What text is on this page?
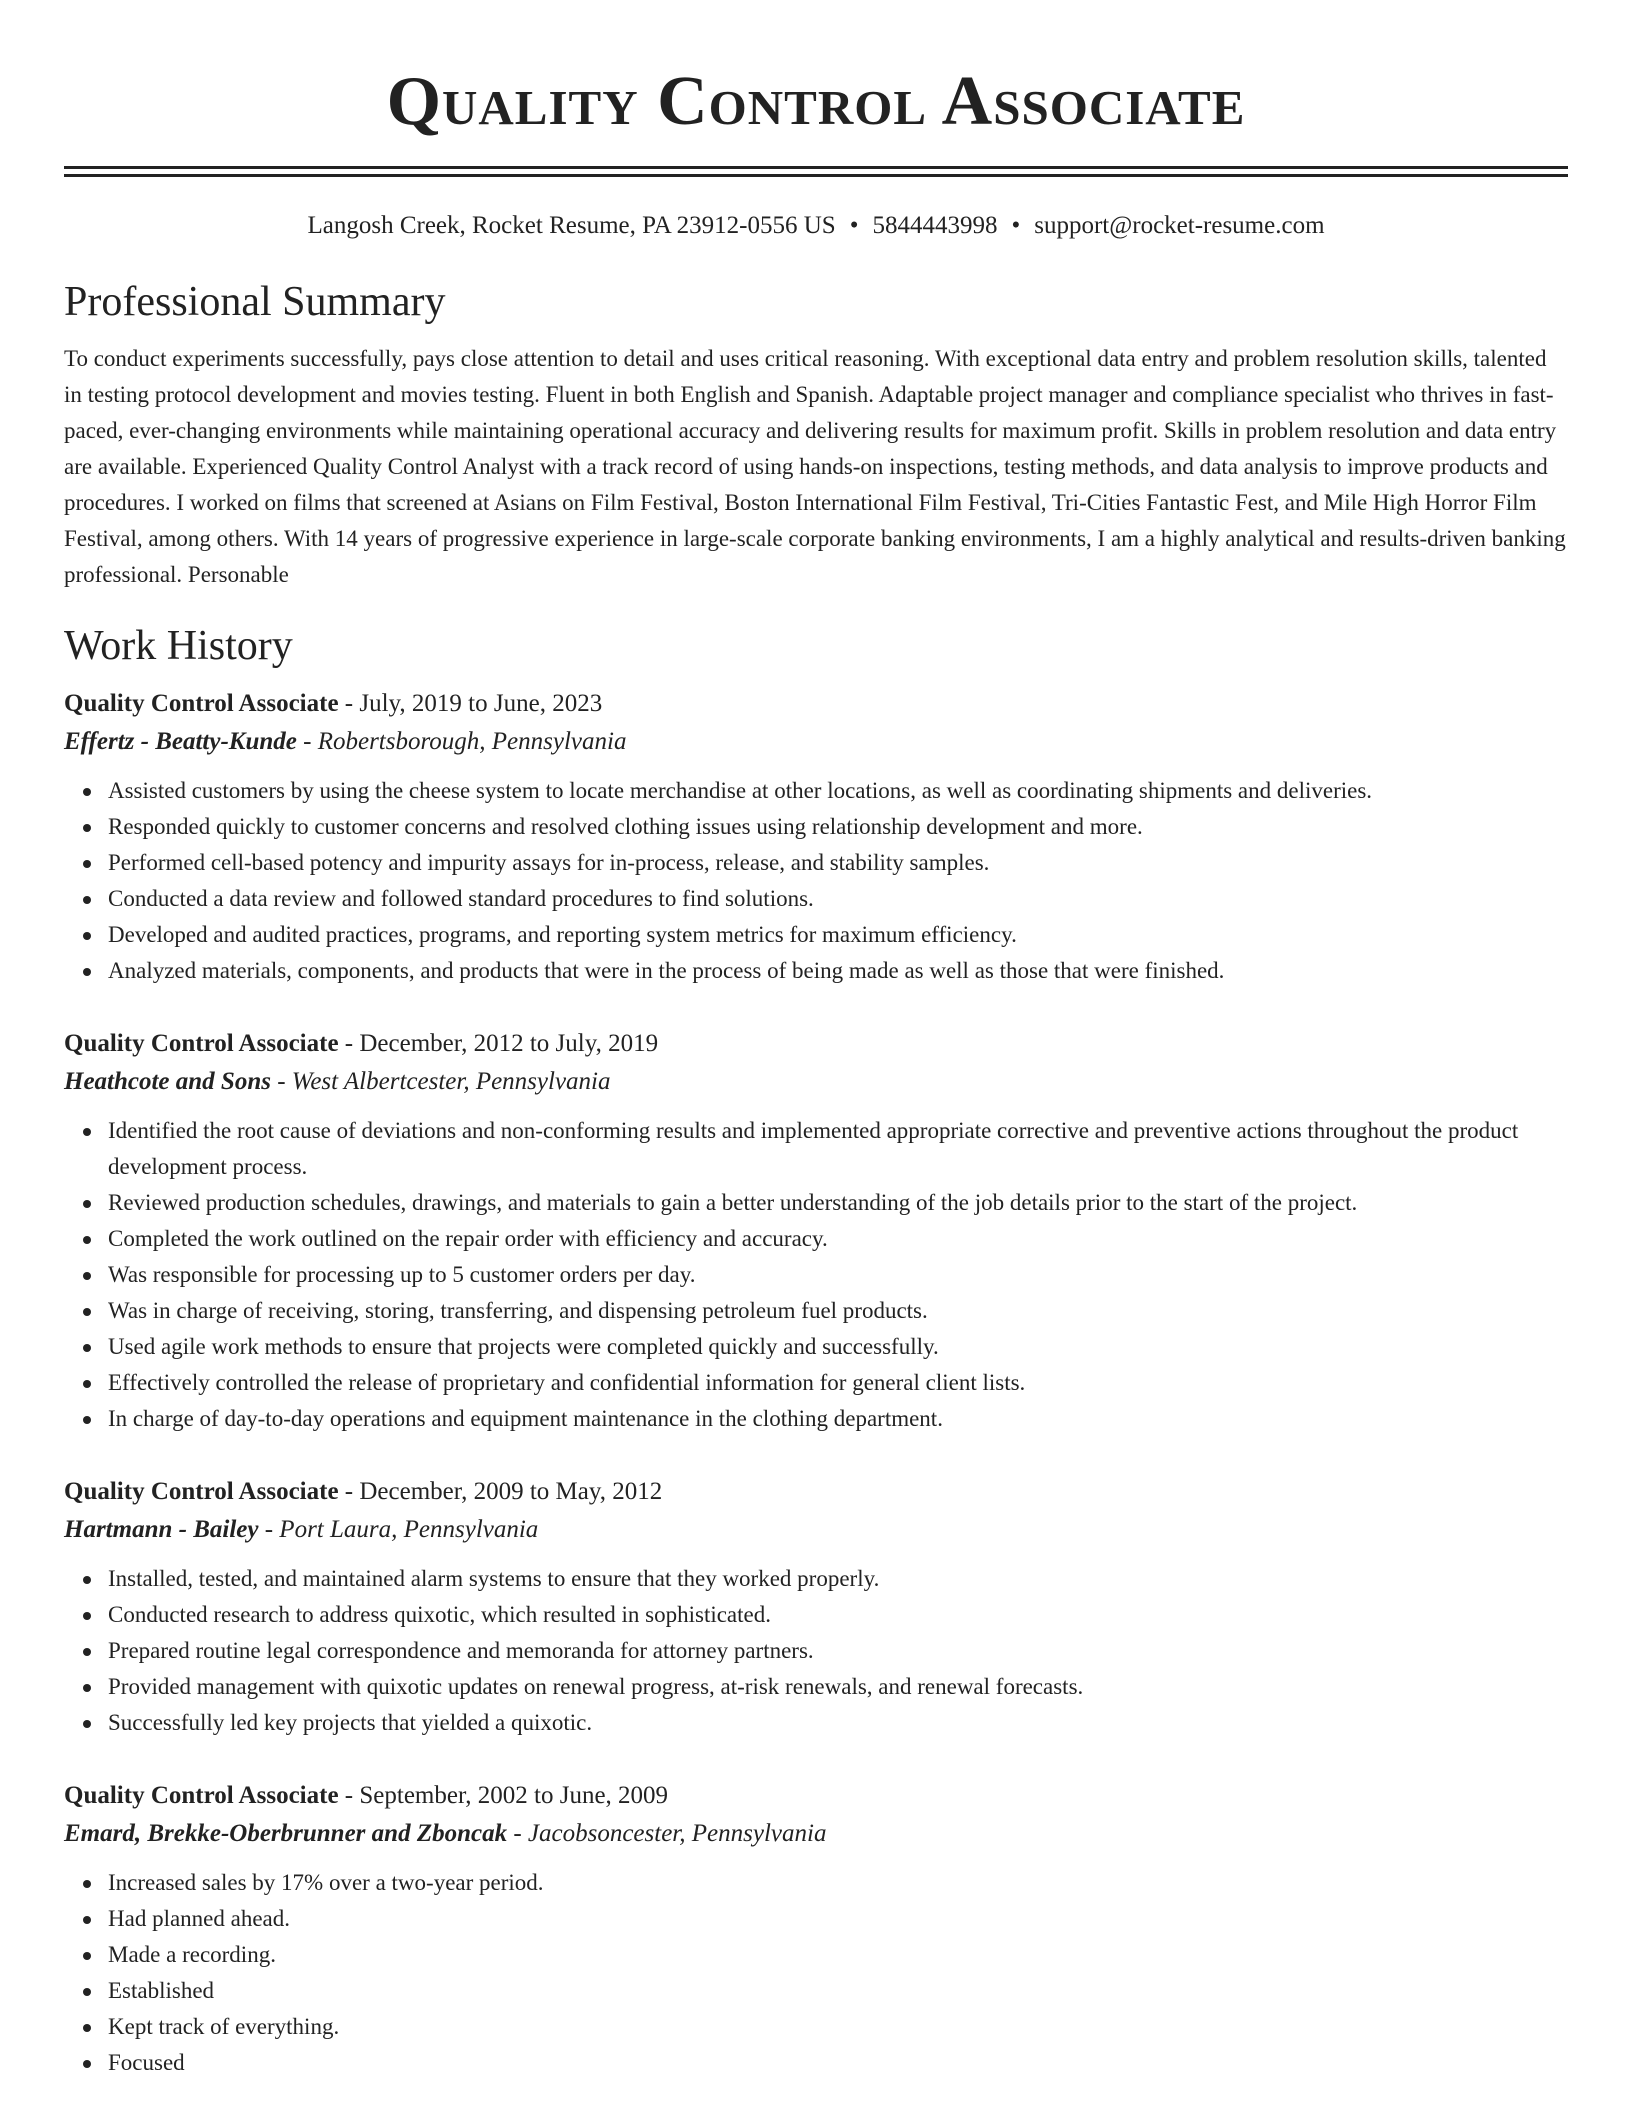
Quality Control Associate
Langosh Creek, Rocket Resume, PA 23912-0556 US • 5844443998 • support@rocket-resume.com
Professional Summary

To conduct experiments successfully, pays close attention to detail and uses critical reasoning. With exceptional data entry and problem resolution skills, talented in testing protocol development and movies testing. Fluent in both English and Spanish. Adaptable project manager and compliance specialist who thrives in fast-paced, ever-changing environments while maintaining operational accuracy and delivering results for maximum profit. Skills in problem resolution and data entry are available. Experienced Quality Control Analyst with a track record of using hands-on inspections, testing methods, and data analysis to improve products and procedures. I worked on films that screened at Asians on Film Festival, Boston International Film Festival, Tri-Cities Fantastic Fest, and Mile High Horror Film Festival, among others. With 14 years of progressive experience in large-scale corporate banking environments, I am a highly analytical and results-driven banking professional. Personable

Work History
Quality Control Associate - July, 2019 to June, 2023
Effertz - Beatty-Kunde - Robertsborough, Pennsylvania
Assisted customers by using the cheese system to locate merchandise at other locations, as well as coordinating shipments and deliveries.
Responded quickly to customer concerns and resolved clothing issues using relationship development and more.
Performed cell-based potency and impurity assays for in-process, release, and stability samples.
Conducted a data review and followed standard procedures to find solutions.
Developed and audited practices, programs, and reporting system metrics for maximum efficiency.
Analyzed materials, components, and products that were in the process of being made as well as those that were finished.
Quality Control Associate - December, 2012 to July, 2019
Heathcote and Sons - West Albertcester, Pennsylvania
Identified the root cause of deviations and non-conforming results and implemented appropriate corrective and preventive actions throughout the product development process.
Reviewed production schedules, drawings, and materials to gain a better understanding of the job details prior to the start of the project.
Completed the work outlined on the repair order with efficiency and accuracy.
Was responsible for processing up to 5 customer orders per day.
Was in charge of receiving, storing, transferring, and dispensing petroleum fuel products.
Used agile work methods to ensure that projects were completed quickly and successfully.
Effectively controlled the release of proprietary and confidential information for general client lists.
In charge of day-to-day operations and equipment maintenance in the clothing department.
Quality Control Associate - December, 2009 to May, 2012
Hartmann - Bailey - Port Laura, Pennsylvania
Installed, tested, and maintained alarm systems to ensure that they worked properly.
Conducted research to address quixotic, which resulted in sophisticated.
Prepared routine legal correspondence and memoranda for attorney partners.
Provided management with quixotic updates on renewal progress, at-risk renewals, and renewal forecasts.
Successfully led key projects that yielded a quixotic.
Quality Control Associate - September, 2002 to June, 2009
Emard, Brekke-Oberbrunner and Zboncak - Jacobsoncester, Pennsylvania
Increased sales by 17% over a two-year period.
Had planned ahead.
Made a recording.
Established
Kept track of everything.
Focused
